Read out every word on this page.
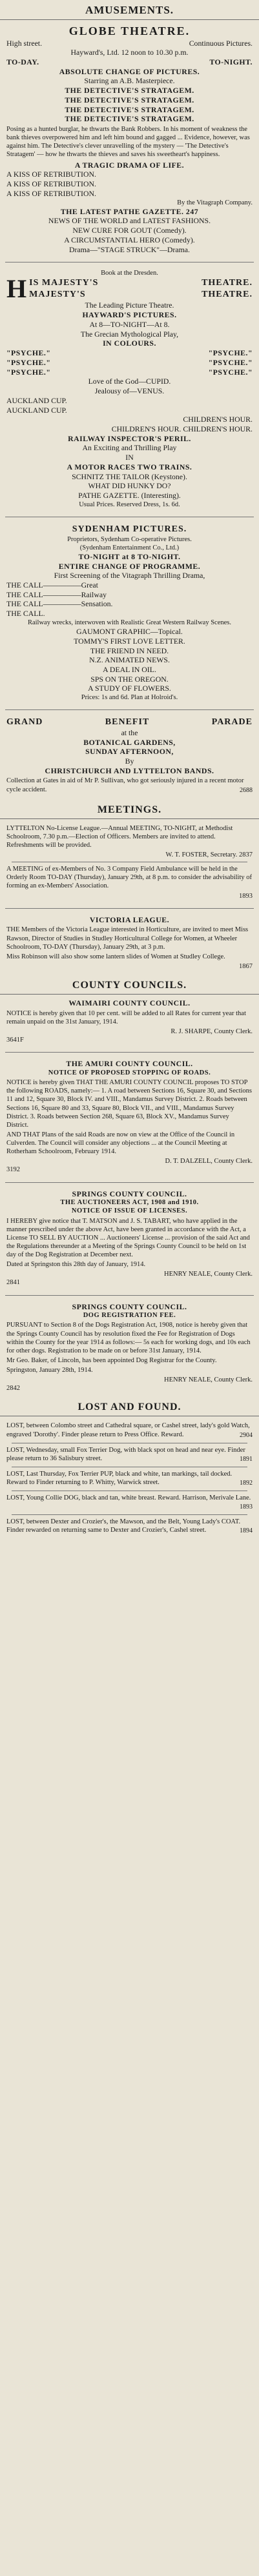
AMUSEMENTS.
GLOBE THEATRE.
High street.	Continuous Pictures.
Hayward's, Ltd. 12 noon to 10.30 p.m.
TO-DAY.	TO-NIGHT.
ABSOLUTE CHANGE OF PICTURES.
Starring an A.B. Masterpiece.
THE DETECTIVE'S STRATAGEM.
THE DETECTIVE'S STRATAGEM.
THE DETECTIVE'S STRATAGEM.
THE DETECTIVE'S STRATAGEM.

Posing as a hunted burglar, he thwarts the Bank Robbers. In his moment of weakness the bank thieves overpowered him and left him bound and gagged ... Evidence, however, was against him. The Detective's clever unravelling of the mystery — 'The Detective's Stratagem' — how he thwarts the thieves and saves his sweetheart's happiness.

A TRAGIC DRAMA OF LIFE.
A KISS OF RETRIBUTION.
A KISS OF RETRIBUTION.
A KISS OF RETRIBUTION.
By the Vitagraph Company.
THE LATEST PATHE GAZETTE. 247
NEWS OF THE WORLD and LATEST FASHIONS.
NEW CURE FOR GOUT (Comedy).
A CIRCUMSTANTIAL HERO (Comedy).
Drama—"STAGE STRUCK"—Drama.
Book at the Dresden.
H IS MAJESTY'S	THEATRE.
MAJESTY'S	THEATRE.
The Leading Picture Theatre.
HAYWARD'S PICTURES.
At 8—TO-NIGHT—At 8.
The Grecian Mythological Play,
IN COLOURS.
"PSYCHE."	"PSYCHE."
"PSYCHE."	"PSYCHE."
"PSYCHE."	"PSYCHE."
Love of the God—CUPID.
Jealousy of—VENUS.
AUCKLAND CUP.
AUCKLAND CUP.
CHILDREN'S HOUR.
CHILDREN'S HOUR. CHILDREN'S HOUR.
RAILWAY INSPECTOR'S PERIL.
An Exciting and Thrilling Play
IN
A MOTOR RACES TWO TRAINS.
SCHNITZ THE TAILOR (Keystone).
WHAT DID HUNKY DO?
PATHE GAZETTE. (Interesting).
Usual Prices. Reserved Dress, 1s. 6d.
SYDENHAM PICTURES.
Proprietors, Sydenham Co-operative Pictures.
(Sydenham Entertainment Co., Ltd.)
TO-NIGHT at 8 TO-NIGHT.
ENTIRE CHANGE OF PROGRAMME.
First Screening of the Vitagraph Thrilling Drama,
THE CALL—————Great
THE CALL—————Railway
THE CALL—————Sensation.
THE CALL.
Railway wrecks, interwoven with Realistic Great Western Railway Scenes.
GAUMONT GRAPHIC—Topical.
TOMMY'S FIRST LOVE LETTER.
THE FRIEND IN NEED.
N.Z. ANIMATED NEWS.
A DEAL IN OIL.
SPS ON THE OREGON.
A STUDY OF FLOWERS.
Prices: 1s and 6d. Plan at Holroid's.
GRAND	BENEFIT	PARADE
at the
BOTANICAL GARDENS,
SUNDAY AFTERNOON,
By
CHRISTCHURCH AND LYTTELTON BANDS.

Collection at Gates in aid of Mr P. Sullivan, who got seriously injured in a recent motor cycle accident.	2688

MEETINGS.

LYTTELTON No-License League.—Annual MEETING, TO-NIGHT, at Methodist Schoolroom, 7.30 p.m.—Election of Officers. Members are invited to attend. Refreshments will be provided.

W. T. FOSTER, Secretary. 2837

A MEETING of ex-Members of No. 3 Company Field Ambulance will be held in the Orderly Room TO-DAY (Thursday), January 29th, at 8 p.m. to consider the advisability of forming an ex-Members' Association.

1893
VICTORIA LEAGUE.

THE Members of the Victoria League interested in Horticulture, are invited to meet Miss Rawson, Director of Studies in Studley Horticultural College for Women, at Wheeler Schoolroom, TO-DAY (Thursday), January 29th, at 3 p.m.

Miss Robinson will also show some lantern slides of Women at Studley College.

1867
COUNTY COUNCILS.
WAIMAIRI COUNTY COUNCIL.

NOTICE is hereby given that 10 per cent. will be added to all Rates for current year that remain unpaid on the 31st January, 1914.

R. J. SHARPE, County Clerk.
3641F
THE AMURI COUNTY COUNCIL.
NOTICE OF PROPOSED STOPPING OF ROADS.

NOTICE is hereby given THAT THE AMURI COUNTY COUNCIL proposes TO STOP the following ROADS, namely:— 1. A road between Sections 16, Square 30, and Sections 11 and 12, Square 30, Block IV. and VIII., Mandamus Survey District. 2. Roads between Sections 16, Square 80 and 33, Square 80, Block VII., and VIII., Mandamus Survey District. 3. Roads between Section 268, Square 63, Block XV., Mandamus Survey District.

AND THAT Plans of the said Roads are now on view at the Office of the Council in Culverden. The Council will consider any objections ... at the Council Meeting at Rotherham Schoolroom, February 1914.

D. T. DALZELL, County Clerk.
3192
SPRINGS COUNTY COUNCIL.
THE AUCTIONEERS ACT, 1908 and 1910.
NOTICE OF ISSUE OF LICENSES.

I HEREBY give notice that T. MATSON and J. S. TABART, who have applied in the manner prescribed under the above Act, have been granted in accordance with the Act, a License TO SELL BY AUCTION ... Auctioneers' License ... provision of the said Act and the Regulations thereunder at a Meeting of the Springs County Council to be held on 1st day of the Dog Registration at December next.

Dated at Springston this 28th day of January, 1914.

HENRY NEALE, County Clerk.
2841
SPRINGS COUNTY COUNCIL.
DOG REGISTRATION FEE.

PURSUANT to Section 8 of the Dogs Registration Act, 1908, notice is hereby given that the Springs County Council has by resolution fixed the Fee for Registration of Dogs within the County for the year 1914 as follows:— 5s each for working dogs, and 10s each for other dogs. Registration to be made on or before 31st January, 1914.

Mr Geo. Baker, of Lincoln, has been appointed Dog Registrar for the County.

Springston, January 28th, 1914.

HENRY NEALE, County Clerk.
2842
LOST AND FOUND.

LOST, between Colombo street and Cathedral square, or Cashel street, lady's gold Watch, engraved 'Dorothy'. Finder please return to Press Office. Reward.	2904

LOST, Wednesday, small Fox Terrier Dog, with black spot on head and near eye. Finder please return to 36 Salisbury street.	1891

LOST, Last Thursday, Fox Terrier PUP, black and white, tan markings, tail docked. Reward to Finder returning to P. Whitty, Warwick street.	1892

LOST, Young Collie DOG, black and tan, white breast. Reward. Harrison, Merivale Lane.
1893

LOST, between Dexter and Crozier's, the Mawson, and the Belt, Young Lady's COAT. Finder rewarded on returning same to Dexter and Crozier's, Cashel street.	1894
